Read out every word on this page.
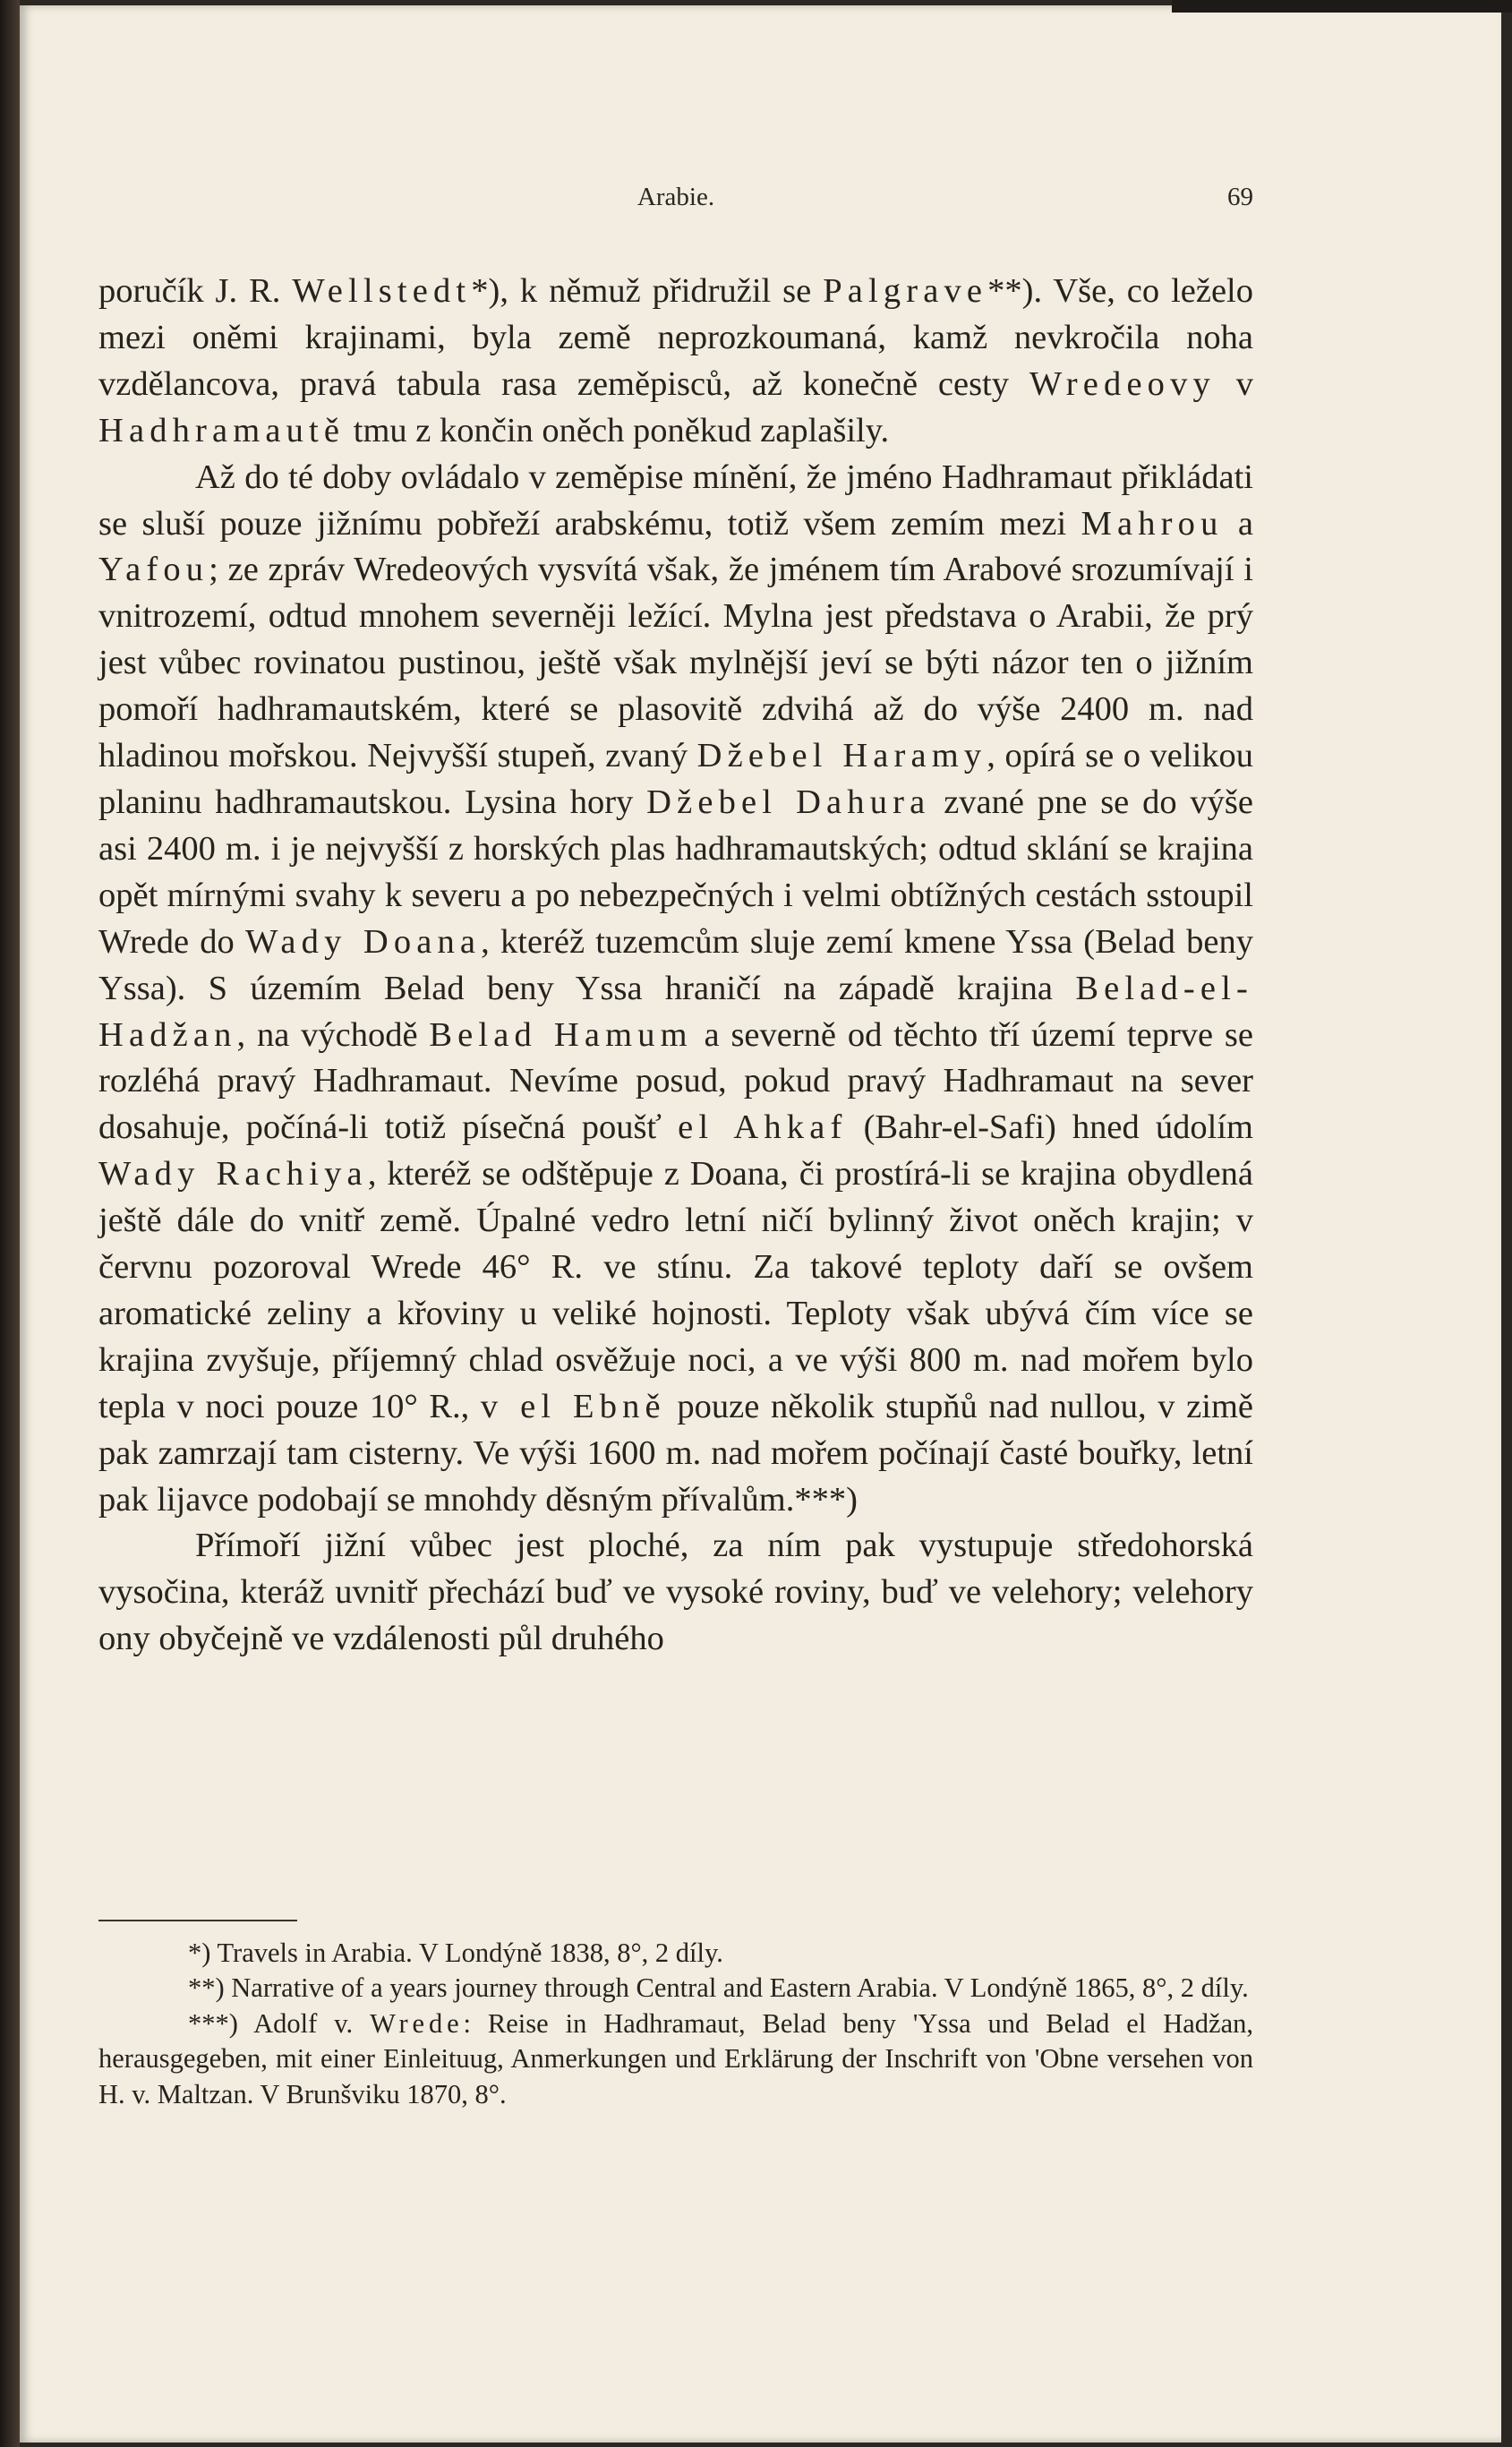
Arabie.	69

poručík J. R. Wellstedt*), k němuž přidružil se Palgrave**). Vše, co leželo mezi oněmi krajinami, byla země neprozkoumaná, kamž nevkročila noha vzdělancova, pravá tabula rasa zeměpisců, až konečně cesty Wredeovy v Hadhramautě tmu z končin oněch poněkud zaplašily.

Až do té doby ovládalo v zeměpise mínění, že jméno Hadhramaut přikládati se sluší pouze jižnímu pobřeží arabskému, totiž všem zemím mezi Mahrou a Yafou; ze zpráv Wredeových vysvítá však, že jménem tím Arabové srozumívají i vnitrozemí, odtud mnohem severněji ležící. Mylna jest představa o Arabii, že prý jest vůbec rovinatou pustinou, ještě však mylnější jeví se býti názor ten o jižním pomoří hadhramautském, které se plasovitě zdvihá až do výše 2400 m. nad hladinou mořskou. Nejvyšší stupeň, zvaný Džebel Haramy, opírá se o velikou planinu hadhramautskou. Lysina hory Džebel Dahura zvané pne se do výše asi 2400 m. i je nejvyšší z horských plas hadhramautských; odtud sklání se krajina opět mírnými svahy k severu a po nebezpečných i velmi obtížných cestách sstoupil Wrede do Wady Doana, kteréž tuzemcům sluje zemí kmene Yssa (Belad beny Yssa). S územím Belad beny Yssa hraničí na západě krajina Belad-el-Hadžan, na východě Belad Hamum a severně od těchto tří území teprve se rozléhá pravý Hadhramaut. Nevíme posud, pokud pravý Hadhramaut na sever dosahuje, počíná-li totiž písečná poušť el Ahkaf (Bahr-el-Safi) hned údolím Wady Rachiya, kteréž se odštěpuje z Doana, či prostírá-li se krajina obydlená ještě dále do vnitř země. Úpalné vedro letní ničí bylinný život oněch krajin; v červnu pozoroval Wrede 46° R. ve stínu. Za takové teploty daří se ovšem aromatické zeliny a křoviny u veliké hojnosti. Teploty však ubývá čím více se krajina zvyšuje, příjemný chlad osvěžuje noci, a ve výši 800 m. nad mořem bylo tepla v noci pouze 10° R., v el Ebně pouze několik stupňů nad nullou, v zimě pak zamrzají tam cisterny. Ve výši 1600 m. nad mořem počínají časté bouřky, letní pak lijavce podobají se mnohdy děsným přívalům.***)

Přímoří jižní vůbec jest ploché, za ním pak vystupuje středohorská vysočina, kteráž uvnitř přechází buď ve vysoké roviny, buď ve velehory; velehory ony obyčejně ve vzdálenosti půl druhého

*) Travels in Arabia. V Londýně 1838, 8°, 2 díly.

**) Narrative of a years journey through Central and Eastern Arabia. V Londýně 1865, 8°, 2 díly.

***) Adolf v. Wrede: Reise in Hadhramaut, Belad beny 'Yssa und Belad el Hadžan, herausgegeben, mit einer Einleituug, Anmerkungen und Erklärung der Inschrift von 'Obne versehen von H. v. Maltzan. V Brunšviku 1870, 8°.
